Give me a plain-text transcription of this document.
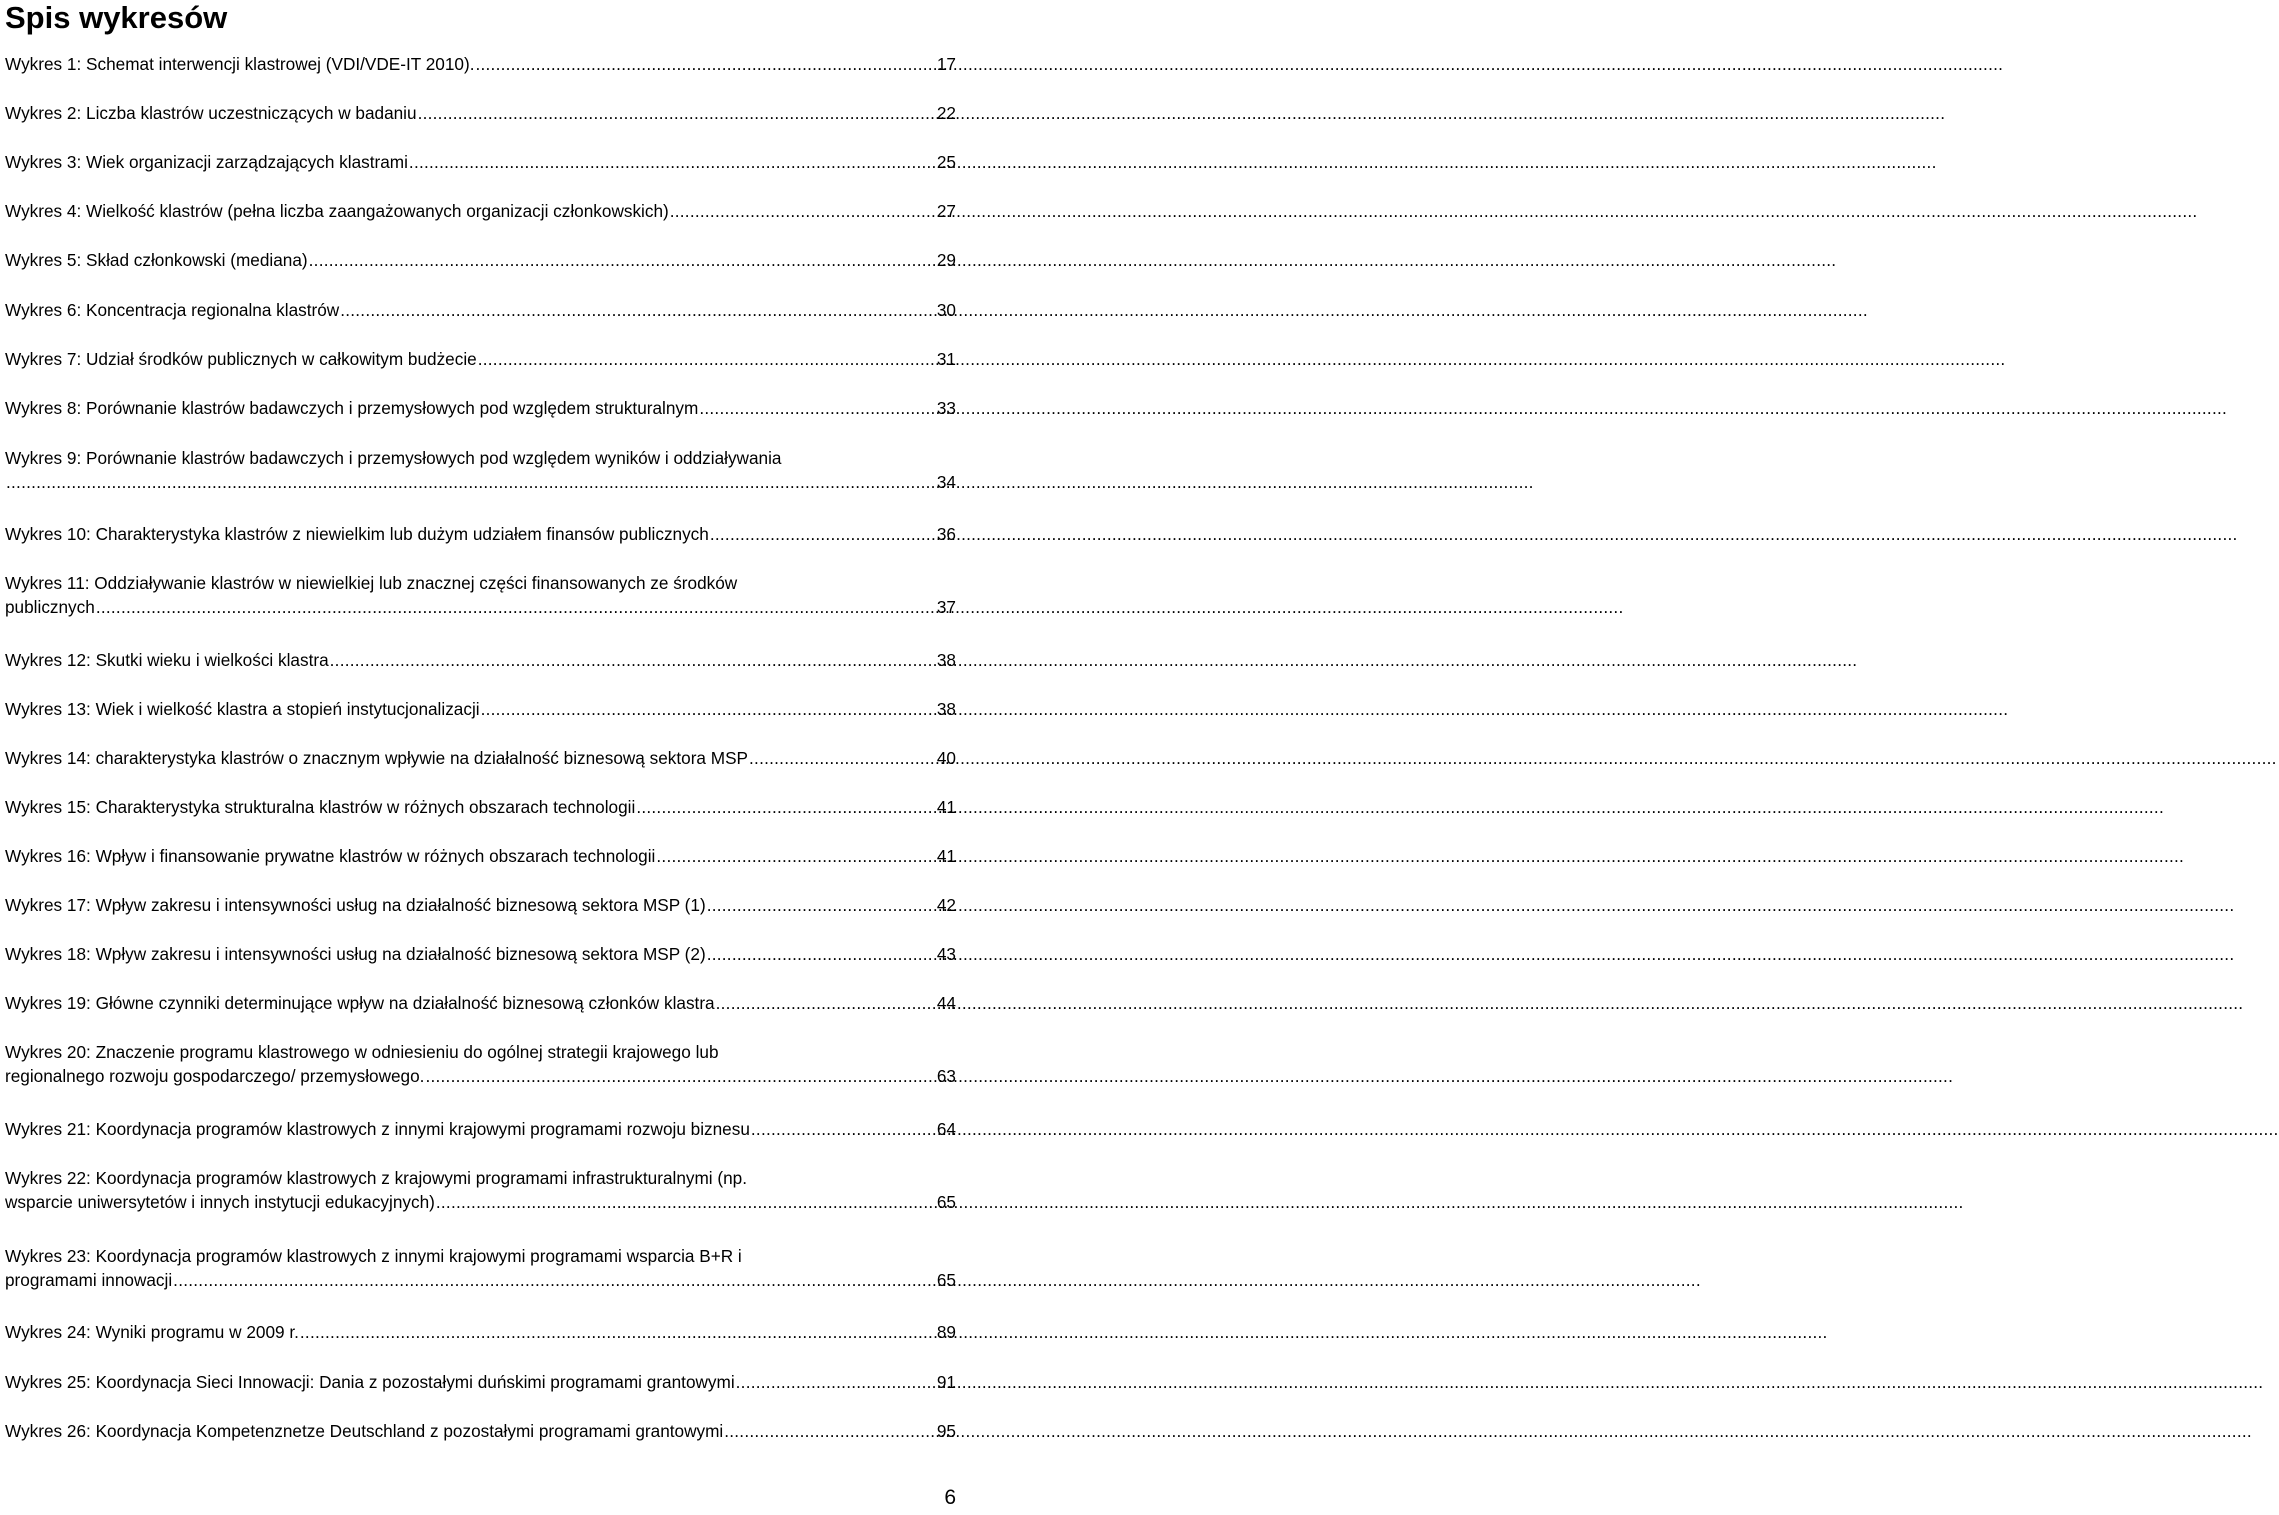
Spis wykresów
Wykres 1: Schemat interwencji klastrowej (VDI/VDE-IT 2010). .....	17
Wykres 2: Liczba klastrów uczestniczących w badaniu .....	22
Wykres 3: Wiek organizacji zarządzających klastrami .....	25
Wykres 4: Wielkość klastrów (pełna liczba zaangażowanych organizacji członkowskich) .....	27
Wykres 5: Skład członkowski (mediana) .....	29
Wykres 6: Koncentracja regionalna klastrów .....	30
Wykres 7: Udział środków publicznych w całkowitym budżecie .....	31
Wykres 8: Porównanie klastrów badawczych i przemysłowych pod względem strukturalnym .....	33
Wykres 9: Porównanie klastrów badawczych i przemysłowych pod względem wyników i oddziaływania
.....
34
Wykres 10: Charakterystyka klastrów z niewielkim lub dużym udziałem finansów publicznych .....	36
Wykres 11: Oddziaływanie klastrów w niewielkiej lub znacznej części finansowanych ze środków
publicznych .....	37
Wykres 12: Skutki wieku i wielkości klastra .....	38
Wykres 13: Wiek i wielkość klastra a stopień instytucjonalizacji .....	38
Wykres 14: charakterystyka klastrów o znacznym wpływie na działalność biznesową sektora MSP .....	40
Wykres 15: Charakterystyka strukturalna klastrów w różnych obszarach technologii .....	41
Wykres 16: Wpływ i finansowanie prywatne klastrów w różnych obszarach technologii .....	41
Wykres 17: Wpływ zakresu i intensywności usług na działalność biznesową sektora MSP (1) .....	42
Wykres 18: Wpływ zakresu i intensywności usług na działalność biznesową sektora MSP (2) .....	43
Wykres 19: Główne czynniki determinujące wpływ na działalność biznesową członków klastra .....	44
Wykres 20: Znaczenie programu klastrowego w odniesieniu do ogólnej strategii krajowego lub
regionalnego rozwoju gospodarczego/ przemysłowego. .....	63
Wykres 21: Koordynacja programów klastrowych z innymi krajowymi programami rozwoju biznesu .....	64
Wykres 22: Koordynacja programów klastrowych z krajowymi programami infrastrukturalnymi (np.
wsparcie uniwersytetów i innych instytucji edukacyjnych) .....	65
Wykres 23: Koordynacja programów klastrowych z innymi krajowymi programami wsparcia B+R i
programami innowacji .....	65
Wykres 24: Wyniki programu w 2009 r. .....	89
Wykres 25: Koordynacja Sieci Innowacji: Dania z pozostałymi duńskimi programami grantowymi .....	91
Wykres 26: Koordynacja Kompetenznetze Deutschland z pozostałymi programami grantowymi .....	95
6
